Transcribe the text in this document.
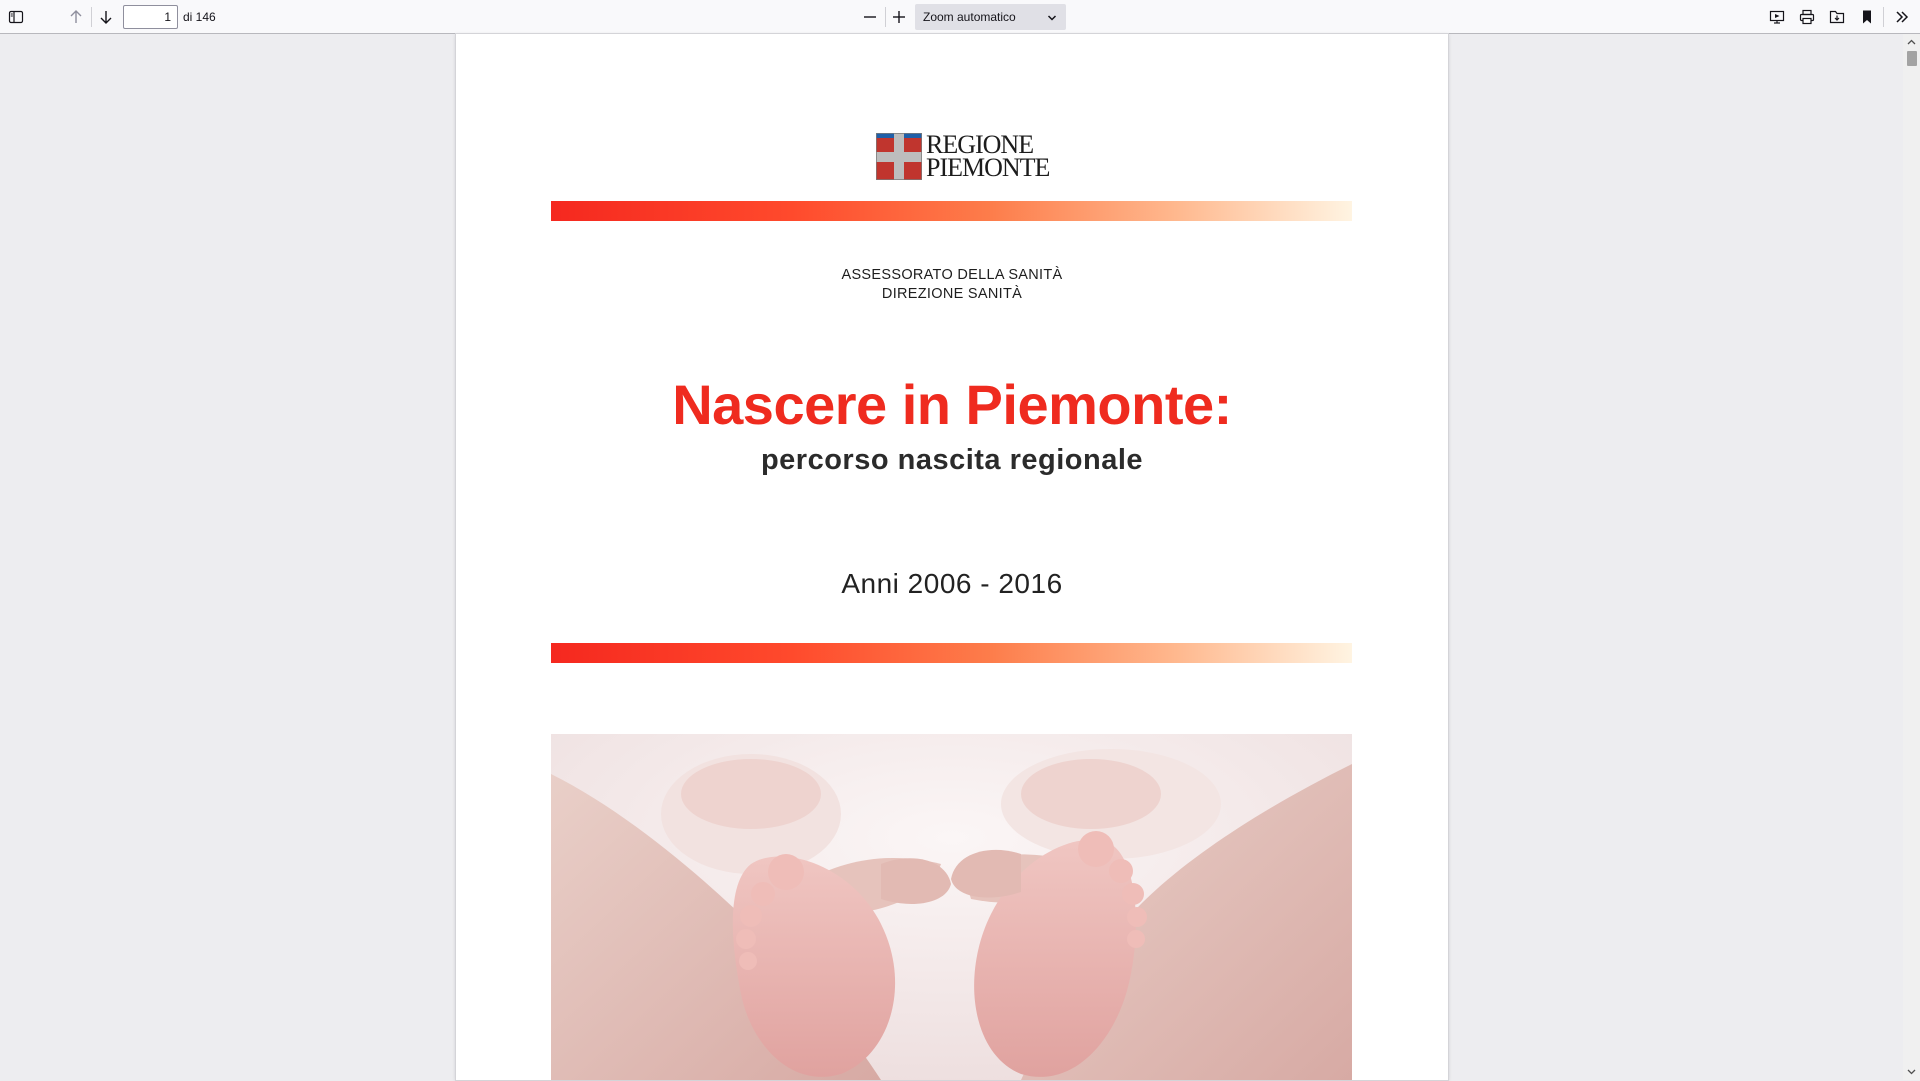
1
di 146	Zoom automatico
REGIONE
PIEMONTE
ASSESSORATO DELLA SANITÀ
DIREZIONE SANITÀ
Nascere in Piemonte:
percorso nascita regionale
Anni 2006 - 2016
